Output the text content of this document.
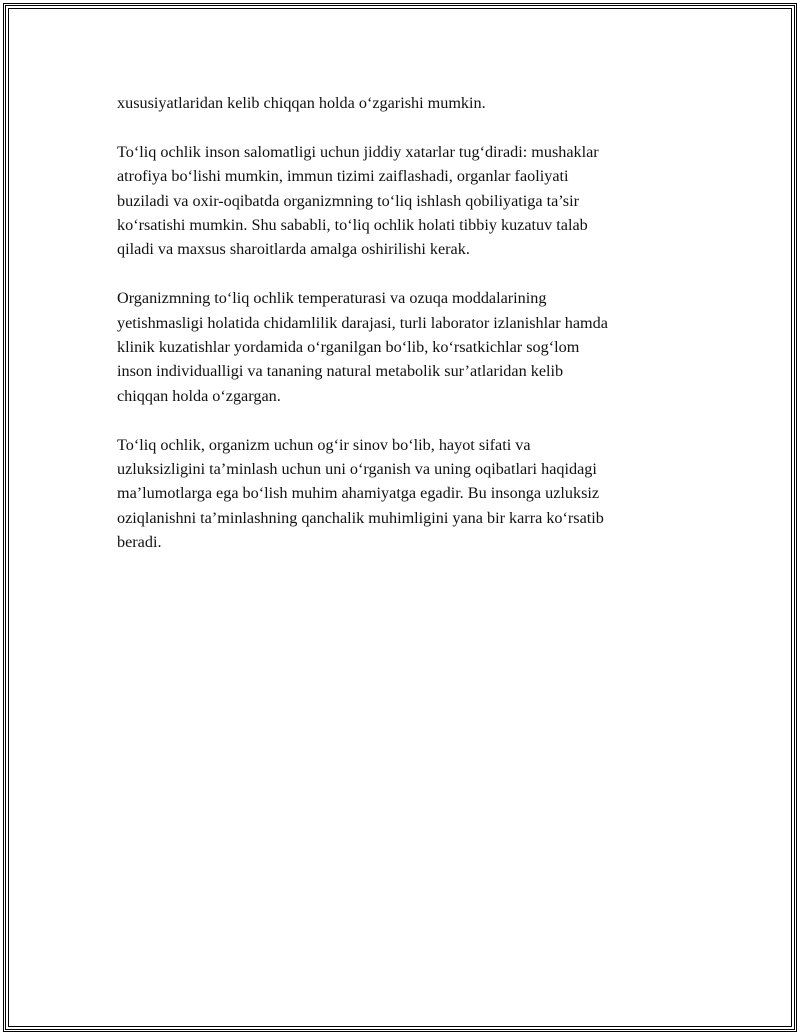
xususiyatlaridan kelib chiqqan holda o‘zgarishi mumkin.

To‘liq ochlik inson salomatligi uchun jiddiy xatarlar tug‘diradi: mushaklar
atrofiya bo‘lishi mumkin, immun tizimi zaiflashadi, organlar faoliyati
buziladi va oxir-oqibatda organizmning to‘liq ishlash qobiliyatiga ta’sir
ko‘rsatishi mumkin. Shu sababli, to‘liq ochlik holati tibbiy kuzatuv talab
qiladi va maxsus sharoitlarda amalga oshirilishi kerak.

Organizmning to‘liq ochlik temperaturasi va ozuqa moddalarining
yetishmasligi holatida chidamlilik darajasi, turli laborator izlanishlar hamda
klinik kuzatishlar yordamida o‘rganilgan bo‘lib, ko‘rsatkichlar sog‘lom
inson individualligi va tananing natural metabolik sur’atlaridan kelib
chiqqan holda o‘zgargan.

To‘liq ochlik, organizm uchun og‘ir sinov bo‘lib, hayot sifati va
uzluksizligini ta’minlash uchun uni o‘rganish va uning oqibatlari haqidagi
ma’lumotlarga ega bo‘lish muhim ahamiyatga egadir. Bu insonga uzluksiz
oziqlanishni ta’minlashning qanchalik muhimligini yana bir karra ko‘rsatib
beradi.
